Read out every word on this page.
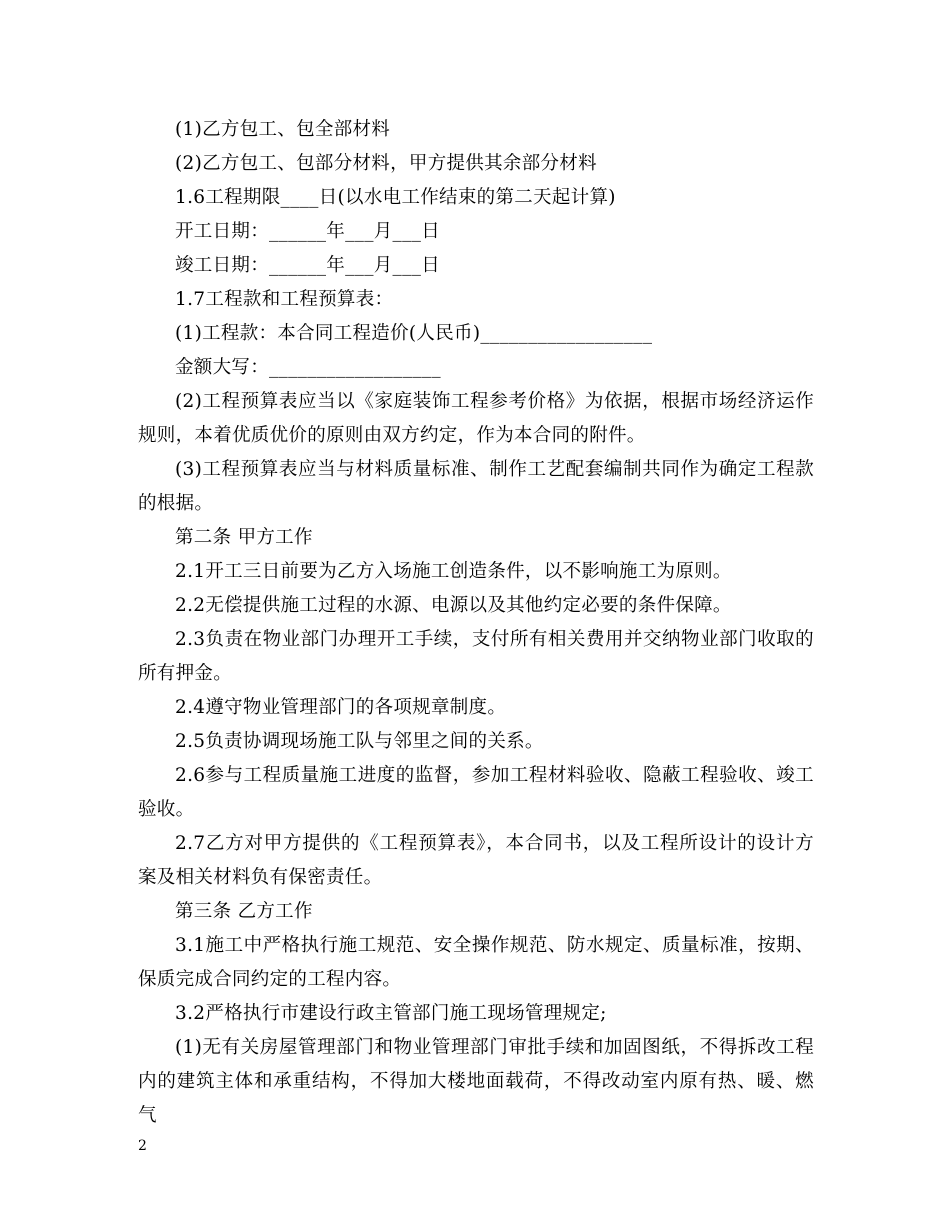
(1)乙方包工、包全部材料

(2)乙方包工、包部分材料，甲方提供其余部分材料

1.6工程期限____日(以水电工作结束的第二天起计算)

开工日期：______年___月___日

竣工日期：______年___月___日

1.7工程款和工程预算表：

(1)工程款：本合同工程造价(人民币)__________________

金额大写：__________________

(2)工程预算表应当以《家庭装饰工程参考价格》为依据，根据市场经济运作规则，本着优质优价的原则由双方约定，作为本合同的附件。

(3)工程预算表应当与材料质量标准、制作工艺配套编制共同作为确定工程款的根据。

第二条 甲方工作

2.1开工三日前要为乙方入场施工创造条件，以不影响施工为原则。

2.2无偿提供施工过程的水源、电源以及其他约定必要的条件保障。

2.3负责在物业部门办理开工手续，支付所有相关费用并交纳物业部门收取的所有押金。

2.4遵守物业管理部门的各项规章制度。

2.5负责协调现场施工队与邻里之间的关系。

2.6参与工程质量施工进度的监督，参加工程材料验收、隐蔽工程验收、竣工验收。

2.7乙方对甲方提供的《工程预算表》，本合同书，以及工程所设计的设计方案及相关材料负有保密责任。

第三条 乙方工作

3.1施工中严格执行施工规范、安全操作规范、防水规定、质量标准，按期、保质完成合同约定的工程内容。

3.2严格执行市建设行政主管部门施工现场管理规定;

(1)无有关房屋管理部门和物业管理部门审批手续和加固图纸，不得拆改工程内的建筑主体和承重结构，不得加大楼地面载荷，不得改动室内原有热、暖、燃气

2
